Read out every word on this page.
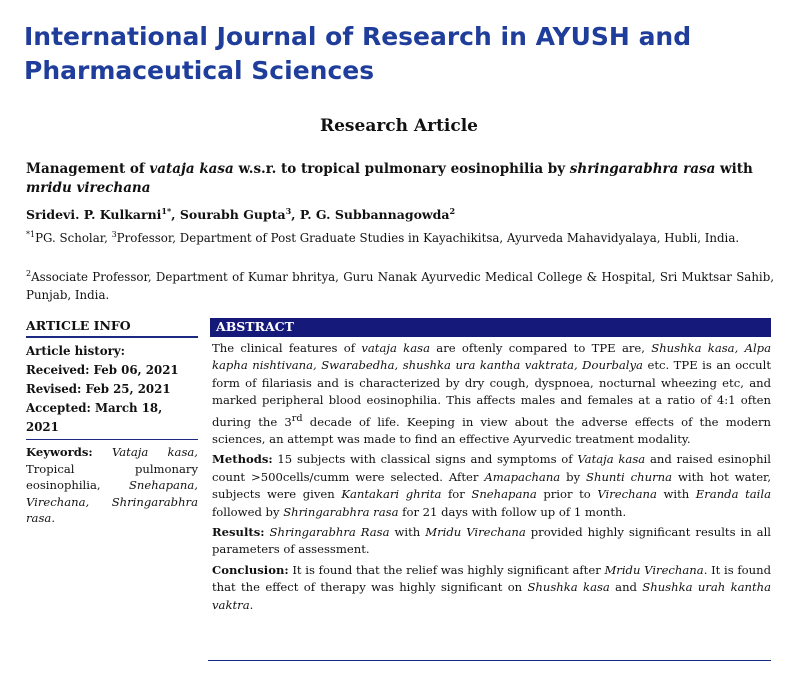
International Journal of Research in AYUSH and
Pharmaceutical Sciences
Research Article
Management of vataja kasa w.s.r. to tropical pulmonary eosinophilia by shringarabhra rasa with mridu virechana
Sridevi. P. Kulkarni$^{1*}$, Sourabh Gupta$^3$, P. G. Subbannagowda$^2$
$^{*1}$PG. Scholar, $^3$Professor, Department of Post Graduate Studies in Kayachikitsa, Ayurveda Mahavidyalaya, Hubli, India.
$^2$Associate Professor, Department of Kumar bhritya, Guru Nanak Ayurvedic Medical College & Hospital, Sri Muktsar Sahib, Punjab, India.
ARTICLE INFO
Article history:
Received: Feb 06, 2021
Revised: Feb 25, 2021
Accepted: March 18, 2021
Keywords: Vataja kasa, Tropical pulmonary eosinophilia, Snehapana, Virechana, Shringarabhra rasa.
ABSTRACT

The clinical features of vataja kasa are oftenly compared to TPE are, Shushka kasa, Alpa kapha nishtivana, Swarabedha, shushka ura kantha vaktrata, Dourbalya etc. TPE is an occult form of filariasis and is characterized by dry cough, dyspnoea, nocturnal wheezing etc, and marked peripheral blood eosinophilia. This affects males and females at a ratio of 4:1 often during the 3rd decade of life. Keeping in view about the adverse effects of the modern sciences, an attempt was made to find an effective Ayurvedic treatment modality.

Methods: 15 subjects with classical signs and symptoms of Vataja kasa and raised esinophil count >500cells/cumm were selected. After Amapachana by Shunti churna with hot water, subjects were given Kantakari ghrita for Snehapana prior to Virechana with Eranda taila followed by Shringarabhra rasa for 21 days with follow up of 1 month.

Results: Shringarabhra Rasa with Mridu Virechana provided highly significant results in all parameters of assessment.

Conclusion: It is found that the relief was highly significant after Mridu Virechana. It is found that the effect of therapy was highly significant on Shushka kasa and Shushka urah kantha vaktra.
